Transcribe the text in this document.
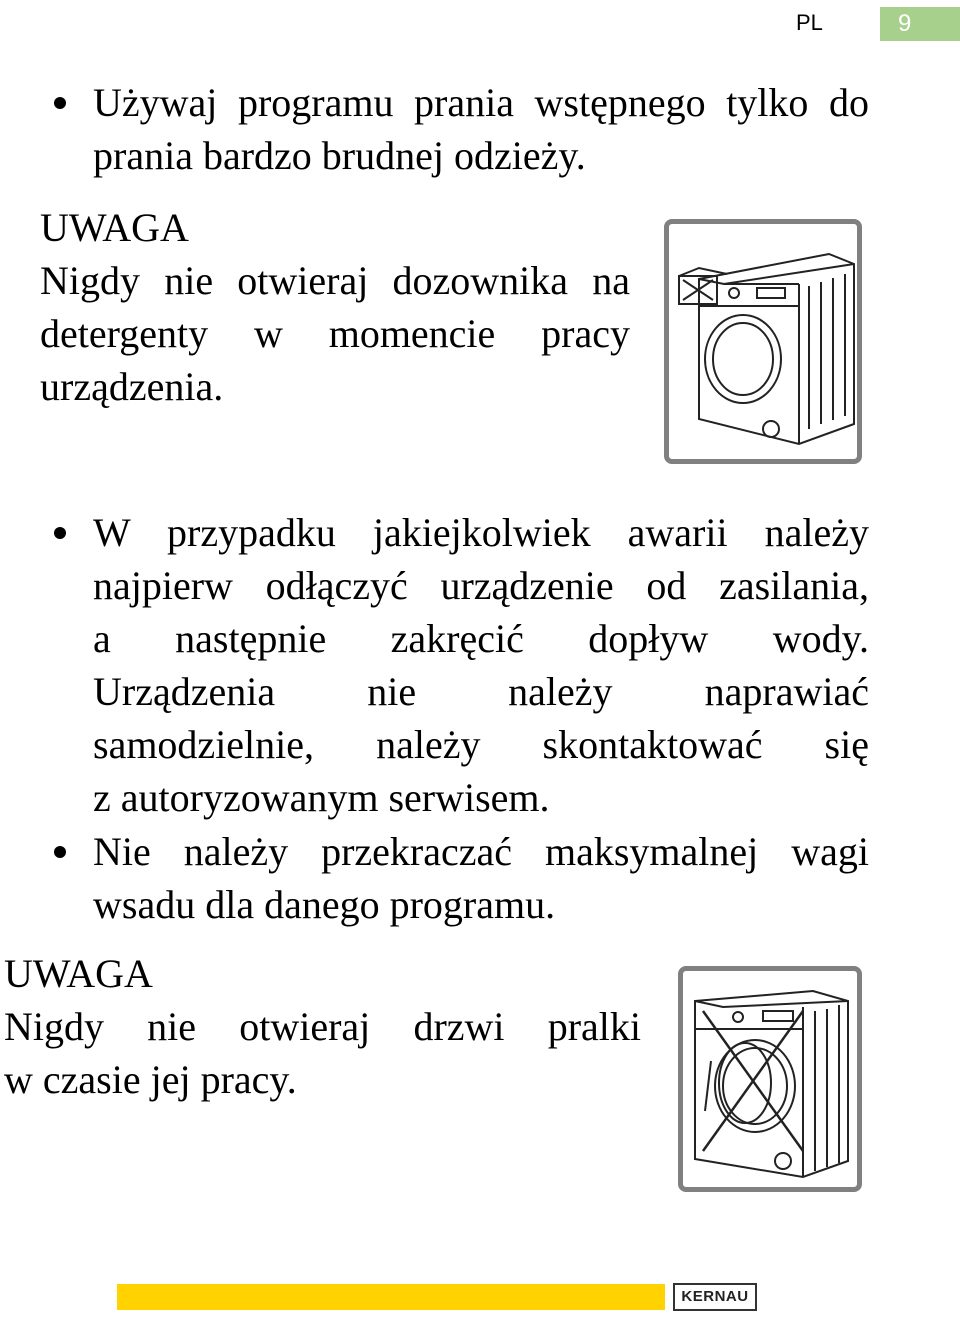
PL	9
Używaj programu prania wstępnego tylko do
prania bardzo brudnej odzieży.
UWAGA
Nigdy nie otwieraj dozownika na
detergenty w momencie pracy
urządzenia.
W przypadku jakiejkolwiek awarii należy
najpierw odłączyć urządzenie od zasilania,
a następnie zakręcić dopływ wody.
Urządzenia nie należy naprawiać
samodzielnie, należy skontaktować się
z autoryzowanym serwisem.
Nie należy przekraczać maksymalnej wagi
wsadu dla danego programu.
UWAGA
Nigdy nie otwieraj drzwi pralki
w czasie jej pracy.
KERNAU
